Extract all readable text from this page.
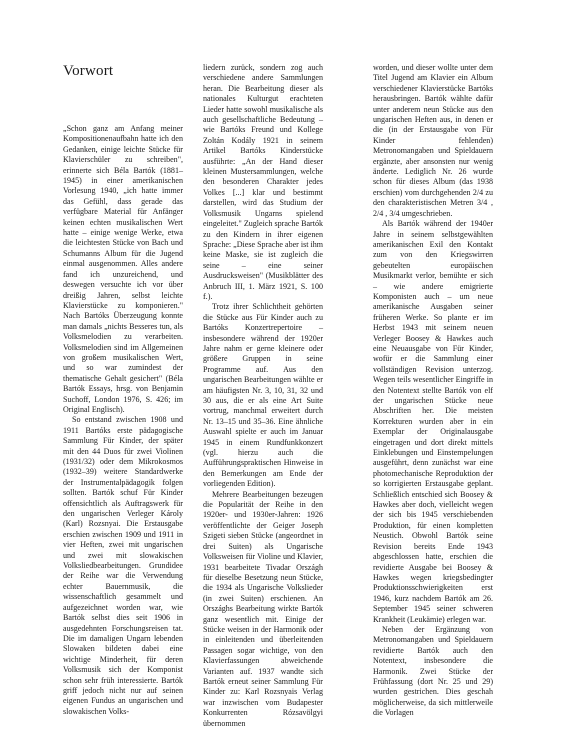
Vorwort

„Schon ganz am Anfang meiner Kompositionenaufbahn hatte ich den Gedanken, einige leichte Stücke für Klavierschüler zu schreiben", erinnerte sich Béla Bartók (1881–1945) in einer amerikanischen Vorlesung 1940, „ich hatte immer das Gefühl, dass gerade das verfügbare Material für Anfänger keinen echten musikalischen Wert hatte – einige wenige Werke, etwa die leichtesten Stücke von Bach und Schumanns Album für die Jugend einmal ausgenommen. Alles andere fand ich unzureichend, und deswegen versuchte ich vor über dreißig Jahren, selbst leichte Klavierstücke zu komponieren." Nach Bartóks Überzeugung konnte man damals „nichts Besseres tun, als Volksmelodien zu verarbeiten. Volksmelodien sind im Allgemeinen von großem musikalischen Wert, und so war zumindest der thematische Gehalt gesichert" (Béla Bartók Essays, hrsg. von Benjamin Suchoff, London 1976, S. 426; im Original Englisch).

So entstand zwischen 1908 und 1911 Bartóks erste pädagogische Sammlung Für Kinder, der später mit den 44 Duos für zwei Violinen (1931/32) oder dem Mikrokosmos (1932–39) weitere Standardwerke der Instrumentalpädagogik folgen sollten. Bartók schuf Für Kinder offensichtlich als Auftragswerk für den ungarischen Verleger Károly (Karl) Rozsnyai. Die Erstausgabe erschien zwischen 1909 und 1911 in vier Heften, zwei mit ungarischen und zwei mit slowakischen Volksliedbearbeitungen. Grundidee der Reihe war die Verwendung echter Bauernmusik, die wissenschaftlich gesammelt und aufgezeichnet worden war, wie Bartók selbst dies seit 1906 in ausgedehnten Forschungsreisen tat. Die im damaligen Ungarn lebenden Slowaken bildeten dabei eine wichtige Minderheit, für deren Volksmusik sich der Komponist schon sehr früh interessierte. Bartók griff jedoch nicht nur auf seinen eigenen Fundus an ungarischen und slowakischen Volks-

liedern zurück, sondern zog auch verschiedene andere Sammlungen heran. Die Bearbeitung dieser als nationales Kulturgut erachteten Lieder hatte sowohl musikalische als auch gesellschaftliche Bedeutung – wie Bartóks Freund und Kollege Zoltán Kodály 1921 in seinem Artikel Bartóks Kinderstücke ausführte: „An der Hand dieser kleinen Mustersammlungen, welche den besonderen Charakter jedes Volkes [...] klar und bestimmt darstellen, wird das Studium der Volksmusik Ungarns spielend eingeleitet." Zugleich sprache Bartók zu den Kindern in ihrer eigenen Sprache: „Diese Sprache aber ist ihm keine Maske, sie ist zugleich die seine – eine seiner Ausdrucksweisen" (Musikblätter des Anbruch III, 1. März 1921, S. 100 f.).

Trotz ihrer Schlichtheit gehörten die Stücke aus Für Kinder auch zu Bartóks Konzertrepertoire – insbesondere während der 1920er Jahre nahm er gerne kleinere oder größere Gruppen in seine Programme auf. Aus den ungarischen Bearbeitungen wählte er am häufigsten Nr. 3, 10, 31, 32 und 30 aus, die er als eine Art Suite vortrug, manchmal erweitert durch Nr. 13–15 und 35–36. Eine ähnliche Auswahl spielte er auch im Januar 1945 in einem Rundfunkkonzert (vgl. hierzu auch die Aufführungspraktischen Hinweise in den Bemerkungen am Ende der vorliegenden Edition).

Mehrere Bearbeitungen bezeugen die Popularität der Reihe in den 1920er- und 1930er-Jahren: 1926 veröffentlichte der Geiger Joseph Szigeti sieben Stücke (angeordnet in drei Suiten) als Ungarische Volksweisen für Violine und Klavier, 1931 bearbeitete Tivadar Országh für dieselbe Besetzung neun Stücke, die 1934 als Ungarische Volkslieder (in zwei Suiten) erschienen. An Országhs Bearbeitung wirkte Bartók ganz wesentlich mit. Einige der Stücke weisen in der Harmonik oder in einleitenden und überleitenden Passagen sogar wichtige, von den Klavierfassungen abweichende Varianten auf. 1937 wandte sich Bartók erneut seiner Sammlung Für Kinder zu: Karl Rozsnyais Verlag war inzwischen vom Budapester Konkurrenten Rózsavölgyi übernommen

worden, und dieser wollte unter dem Titel Jugend am Klavier ein Album verschiedener Klavierstücke Bartóks herausbringen. Bartók wählte dafür unter anderem neun Stücke aus den ungarischen Heften aus, in denen er die (in der Erstausgabe von Für Kinder fehlenden) Metronomangaben und Spieldauern ergänzte, aber ansonsten nur wenig änderte. Lediglich Nr. 26 wurde schon für dieses Album (das 1938 erschien) vom durchgehenden 2/4 zu den charakteristischen Metren 3/4 , 2/4 , 3/4 umgeschrieben.

Als Bartók während der 1940er Jahre in seinem selbstgewählten amerikanischen Exil den Kontakt zum von den Kriegswirren gebeutelten europäischen Musikmarkt verlor, bemühte er sich – wie andere emigrierte Komponisten auch – um neue amerikanische Ausgaben seiner früheren Werke. So plante er im Herbst 1943 mit seinem neuen Verleger Boosey & Hawkes auch eine Neuausgabe von Für Kinder, wofür er die Sammlung einer vollständigen Revision unterzog. Wegen teils wesentlicher Eingriffe in den Notentext stellte Bartók von elf der ungarischen Stücke neue Abschriften her. Die meisten Korrekturen wurden aber in ein Exemplar der Originalausgabe eingetragen und dort direkt mittels Einklebungen und Einstempelungen ausgeführt, denn zunächst war eine photomechanische Reproduktion der so korrigierten Erstausgabe geplant. Schließlich entschied sich Boosey & Hawkes aber doch, vielleicht wegen der sich bis 1945 verschiebenden Produktion, für einen kompletten Neustich. Obwohl Bartók seine Revision bereits Ende 1943 abgeschlossen hatte, erschien die revidierte Ausgabe bei Boosey & Hawkes wegen kriegsbedingter Produktionsschwierigkeiten erst 1946, kurz nachdem Bartók am 26. September 1945 seiner schweren Krankheit (Leukämie) erlegen war.

Neben der Ergänzung von Metronomangaben und Spieldauern revidierte Bartók auch den Notentext, insbesondere die Harmonik. Zwei Stücke der Frühfassung (dort Nr. 25 und 29) wurden gestrichen. Dies geschah möglicherweise, da sich mittlerweile die Vorlagen
